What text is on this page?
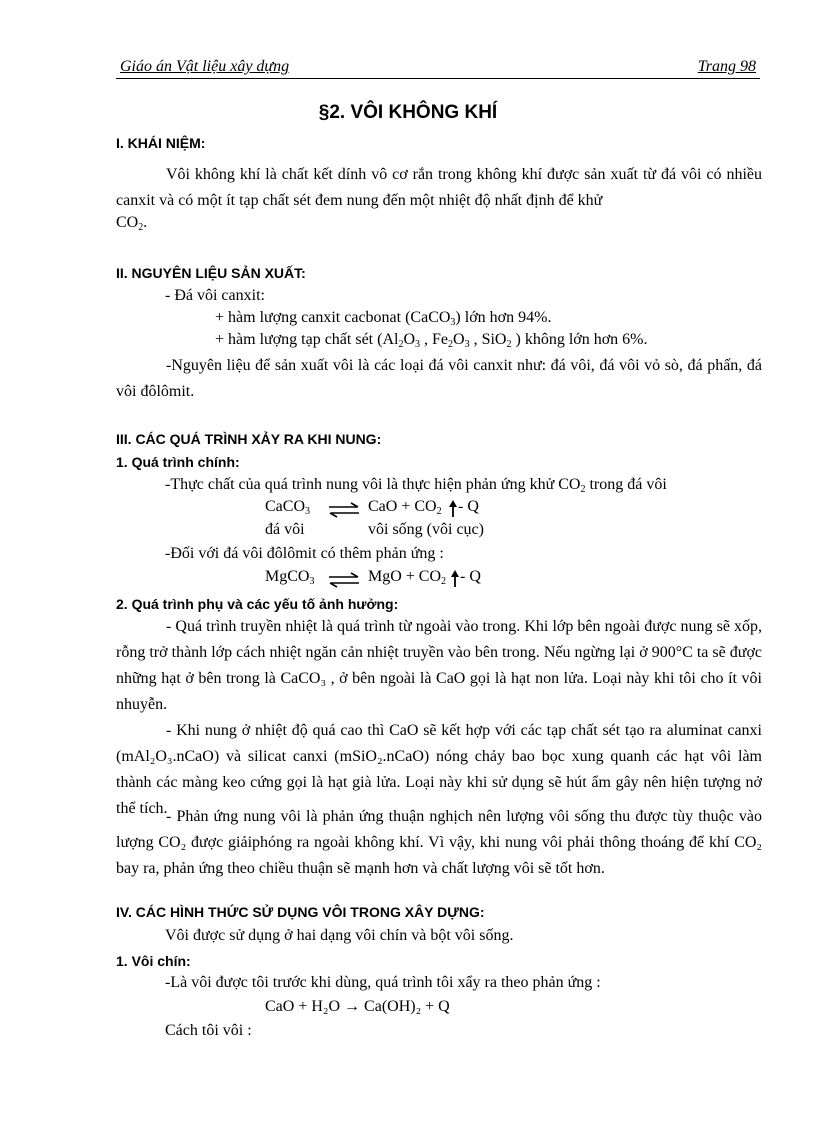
Giáo án Vật liệu xây dựng	Trang 98
§2. VÔI KHÔNG KHÍ
I. KHÁI NIỆM:
Vôi không khí là chất kết dính vô cơ rắn trong không khí được sản xuất từ đá vôi có nhiều canxit và có một ít tạp chất sét đem nung đến một nhiệt độ nhất định để khử
$CO_2$.
II. NGUYÊN LIỆU SẢN XUẤT:
- Đá vôi canxit:
+ hàm lượng canxit cacbonat (CaCO$_3$) lớn hơn 94%.
+ hàm lượng tạp chất sét ($Al_2O_3$ , $Fe_2O_3$ , SiO$_2$ ) không lớn hơn 6%.
-Nguyên liệu để sản xuất vôi là các loại đá vôi canxit như: đá vôi, đá vôi vỏ sò, đá phấn, đá vôi đôlômit.
III. CÁC QUÁ TRÌNH XẢY RA KHI NUNG:
1. Quá trình chính:
-Thực chất của quá trình nung vôi là thực hiện phản ứng khử $CO_2$ trong đá vôi
CaCO$_3$ ⇌ CaO + $CO_2$ - Q
đá vôi	vôi sống (vôi cục)
-Đối với đá vôi đôlômit có thêm phản ứng :
MgCO$_3$ ⇌ MgO + $CO_2$ - Q
2. Quá trình phụ và các yếu tố ảnh hưởng:
- Quá trình truyền nhiệt là quá trình từ ngoài vào trong. Khi lớp bên ngoài được nung sẽ xốp, rỗng trở thành lớp cách nhiệt ngăn cản nhiệt truyền vào bên trong. Nếu ngừng lại ở 900°C ta sẽ được những hạt ở bên trong là CaCO₃ , ở bên ngoài là CaO gọi là hạt non lửa. Loại này khi tôi cho ít vôi nhuyễn.
- Khi nung ở nhiệt độ quá cao thì CaO sẽ kết hợp với các tạp chất sét tạo ra aluminat canxi (mAl₂O₃.nCaO) và silicat canxi (mSiO₂.nCaO) nóng chảy bao bọc xung quanh các hạt vôi làm thành các màng keo cứng gọi là hạt già lửa. Loại này khi sử dụng sẽ hút ẩm gây nên hiện tượng nở thể tích.
- Phản ứng nung vôi là phản ứng thuận nghịch nên lượng vôi sống thu được tùy thuộc vào lượng CO₂ được giảiphóng ra ngoài không khí. Vì vậy, khi nung vôi phải thông thoáng để khí CO₂ bay ra, phản ứng theo chiều thuận sẽ mạnh hơn và chất lượng vôi sẽ tốt hơn.
IV. CÁC HÌNH THỨC SỬ DỤNG VÔI TRONG XÂY DỰNG:
Vôi được sử dụng ở hai dạng vôi chín và bột vôi sống.
1. Vôi chín:
-Là vôi được tôi trước khi dùng, quá trình tôi xẩy ra theo phản ứng :
CaO + H₂O → Ca(OH)₂ + Q
Cách tôi vôi :
